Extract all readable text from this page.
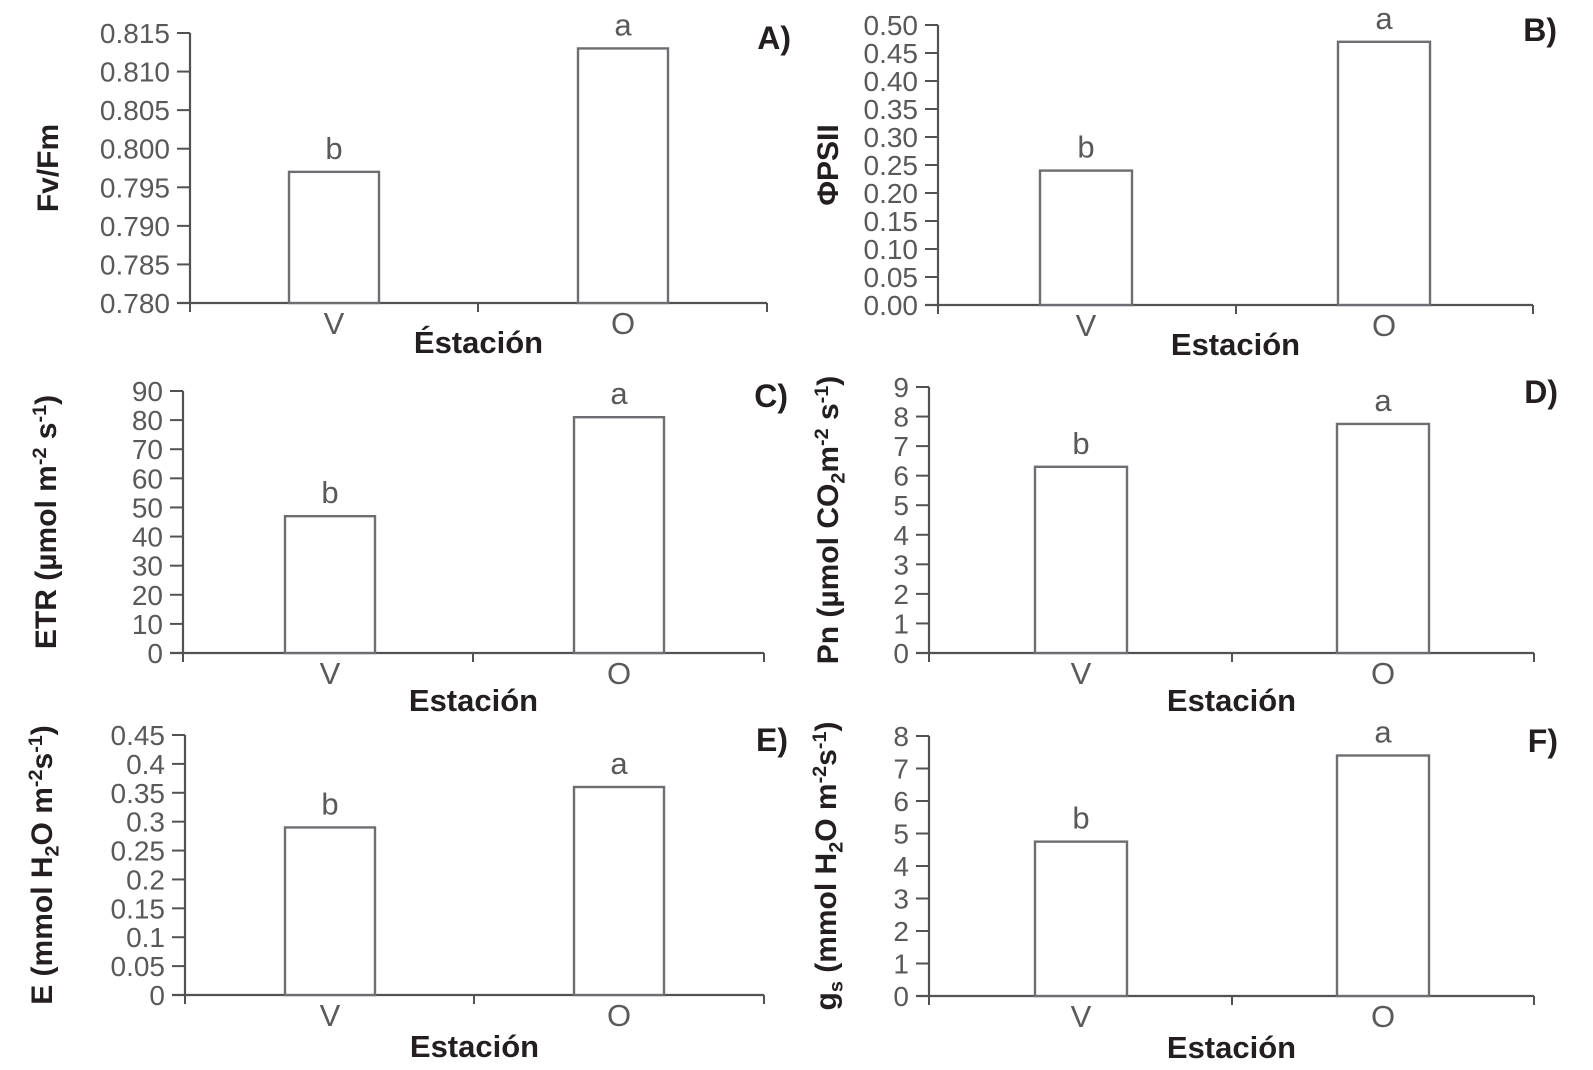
0.780
0.785
0.790
0.795
0.800
0.805
0.810
0.815
b
V
a
O
Éstación
Fv/Fm
A)
0.00
0.05
0.10
0.15
0.20
0.25
0.30
0.35
0.40
0.45
0.50
b
V
a
O
Estación
ΦPSII
B)
0
10
20
30
40
50
60
70
80
90
b
V
a
O
Estación
ETR (µmol $m^{-2}$ $s^{-1}$)	C)
0
1
2
3
4
5
6
7
8
9
b
V
a
O
Estación
Pn (µmol $CO_2m^{-2}$ $s^{-1}$)	D)
0
0.05
0.1
0.15
0.2
0.25
0.3
0.35
0.4
0.45
b
V
a
O
Estación
E (mmol $H_2O$ $m^{-2}s^{-1}$)	E)
0
1
2
3
4
5
6
7
8
b
V
a
O
Estación
$g_s$ (mmol $H_2O$ $m^{-2}s^{-1}$)	F)
